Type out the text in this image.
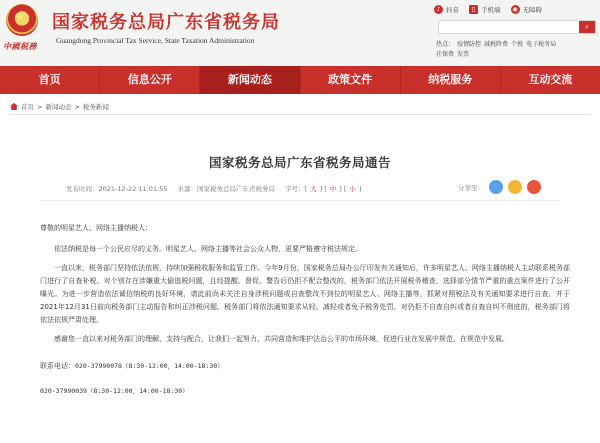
★
中國税務
国家税务总局广东省税务局
Guangdong Provincial Tax Service, State Taxation Administration
♪ 抖音	▯ 手机端	◉ 无障碍
⌕
热点： 疫情防控 减税降费 个税 电子税务局
社保费 发票
首页	信息公开	新闻动态	政策文件	纳税服务	互动交流
首页 > 新闻动态 > 税务新闻
国家税务总局广东省税务局通告
发布时间：2021-12-22 11:01:55 来源：国家税务总局广东省税务局 字号：[ 大 ] [ 中 ] [ 小 ]	分享至：
尊敬的明星艺人、网络主播纳税人：
依法纳税是每一个公民应尽的义务。明星艺人、网络主播等社会公众人物，更要严格遵守税法规定。
一直以来，税务部门坚持依法依规，持续加强税收服务和监管工作。今年9月份，国家税务总局办公厅印发有关通知后，许多明星艺人、网络主播纳税人主动联系税务部门进行了自查补税。对个别存在涉嫌重大偷逃税问题，且经提醒、督促、警告后仍拒不配合整改的，税务部门依法开展税务稽查，选择部分情节严重的重点案件进行了公开曝光。为进一步营造依法诚信纳税的良好环境，请此前尚未关注自身涉税问题或自查整改不到位的明星艺人、网络主播等，抓紧对照税法及有关通知要求进行自查，并于2021年12月31日前向税务部门主动报告和纠正涉税问题。税务部门将依法通知要求从轻、减轻或者免予税务处罚。对仍拒不自查自纠或者自查自纠不彻底的，税务部门将依法依规严肃处理。
感谢您一直以来对税务部门的理解、支持与配合，让我们一起努力，共同营造和维护法治公平的市场环境，促进行业在发展中规范，在规范中发展。
联系电话：020-37990078（8:30-12:00，14:00-18:30）
020-37990039（8:30-12:00，14:00-18:30）
